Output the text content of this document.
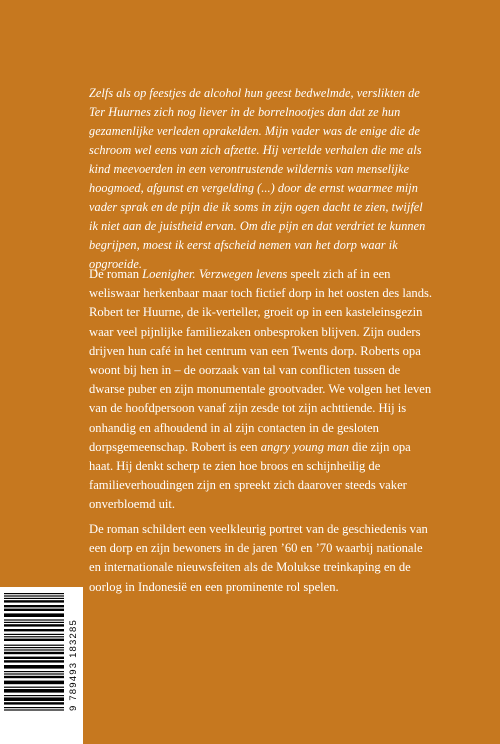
Zelfs als op feestjes de alcohol hun geest bedwelmde, verslikten de Ter Huurnes zich nog liever in de borrelnootjes dan dat ze hun gezamenlijke verleden oprakelden. Mijn vader was de enige die de schroom wel eens van zich afzette. Hij vertelde verhalen die me als kind meevoerden in een verontrustende wildernis van menselijke hoogmoed, afgunst en vergelding (...) door de ernst waarmee mijn vader sprak en de pijn die ik soms in zijn ogen dacht te zien, twijfel ik niet aan de juistheid ervan. Om die pijn en dat verdriet te kunnen begrijpen, moest ik eerst afscheid nemen van het dorp waar ik opgroeide.

De roman Loenigher. Verzwegen levens speelt zich af in een weliswaar herkenbaar maar toch fictief dorp in het oosten des lands. Robert ter Huurne, de ik-verteller, groeit op in een kasteleinsgezin waar veel pijnlijke familiezaken onbesproken blijven. Zijn ouders drijven hun café in het centrum van een Twents dorp. Roberts opa woont bij hen in – de oorzaak van tal van conflicten tussen de dwarse puber en zijn monumentale grootvader. We volgen het leven van de hoofdpersoon vanaf zijn zesde tot zijn achttiende. Hij is onhandig en afhoudend in al zijn contacten in de gesloten dorpsgemeenschap. Robert is een angry young man die zijn opa haat. Hij denkt scherp te zien hoe broos en schijnheilig de familieverhoudingen zijn en spreekt zich daarover steeds vaker onverbloemd uit.

De roman schildert een veelkleurig portret van de geschiedenis van een dorp en zijn bewoners in de jaren ’60 en ’70 waarbij nationale en internationale nieuwsfeiten als de Molukse treinkaping en de oorlog in Indonesië en een prominente rol spelen.

9 789493 183285
